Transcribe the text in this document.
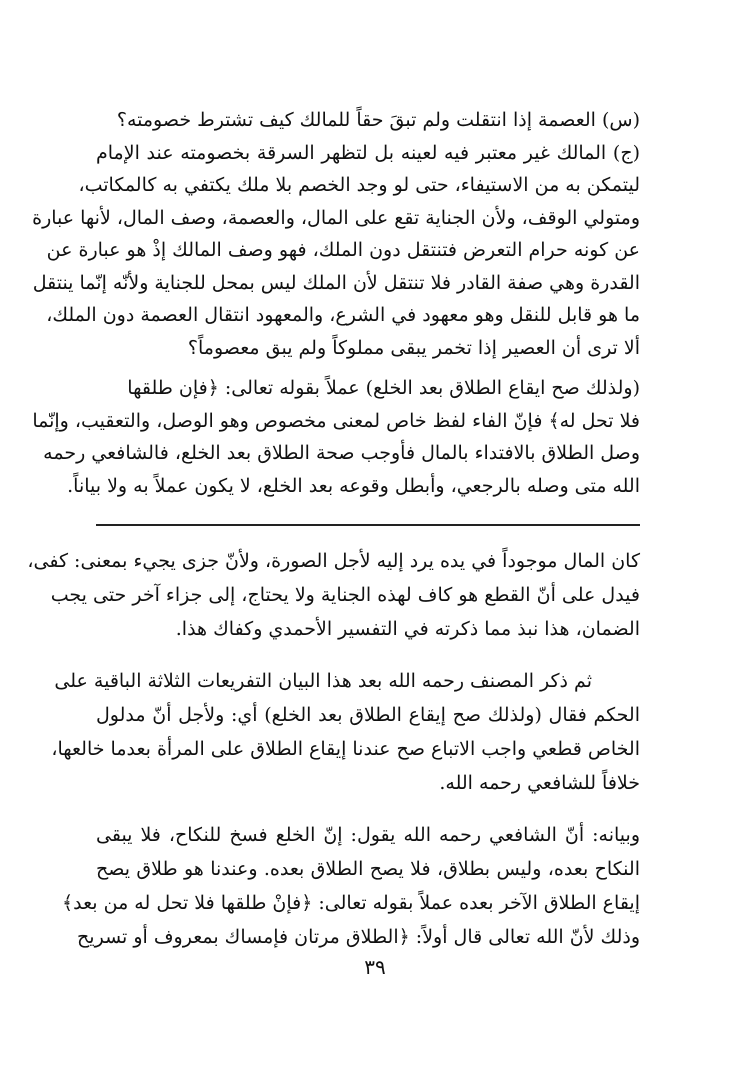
(س) العصمة إذا انتقلت ولم تبقَ حقاً للمالك كيف تشترط خصومته؟
(ج) المالك غير معتبر فيه لعينه بل لتظهر السرقة بخصومته عند الإمام
ليتمكن به من الاستيفاء، حتى لو وجد الخصم بلا ملك يكتفي به كالمكاتب،
ومتولي الوقف، ولأن الجناية تقع على المال، والعصمة، وصف المال، لأنها عبارة
عن كونه حرام التعرض فتنتقل دون الملك، فهو وصف المالك إذْ هو عبارة عن
القدرة وهي صفة القادر فلا تنتقل لأن الملك ليس بمحل للجناية ولأنّه إنّما ينتقل
ما هو قابل للنقل وهو معهود في الشرع، والمعهود انتقال العصمة دون الملك،
ألا ترى أن العصير إذا تخمر يبقى مملوكاً ولم يبق معصوماً؟

(ولذلك صح ايقاع الطلاق بعد الخلع) عملاً بقوله تعالى: ﴿فإن طلقها
فلا تحل له﴾ فإنّ الفاء لفظ خاص لمعنى مخصوص وهو الوصل، والتعقيب، وإنّما
وصل الطلاق بالافتداء بالمال فأوجب صحة الطلاق بعد الخلع، فالشافعي رحمه
الله متى وصله بالرجعي، وأبطل وقوعه بعد الخلع، لا يكون عملاً به ولا بياناً.

كان المال موجوداً في يده يرد إليه لأجل الصورة، ولأنّ جزى يجيء بمعنى: كفى،
فيدل على أنّ القطع هو كاف لهذه الجناية ولا يحتاج، إلى جزاء آخر حتى يجب
الضمان، هذا نبذ مما ذكرته في التفسير الأحمدي وكفاك هذا.

ثم ذكر المصنف رحمه الله بعد هذا البيان التفريعات الثلاثة الباقية على
الحكم فقال (ولذلك صح إيقاع الطلاق بعد الخلع) أي: ولأجل أنّ مدلول
الخاص قطعي واجب الاتباع صح عندنا إيقاع الطلاق على المرأة بعدما خالعها،
خلافاً للشافعي رحمه الله.

وبيانه: أنّ الشافعي رحمه الله يقول: إنّ الخلع فسخ للنكاح، فلا يبقى
النكاح بعده، وليس بطلاق، فلا يصح الطلاق بعده. وعندنا هو طلاق يصح
إيقاع الطلاق الآخر بعده عملاً بقوله تعالى: ﴿فإنْ طلقها فلا تحل له من بعد﴾
وذلك لأنّ الله تعالى قال أولاً: ﴿الطلاق مرتان فإمساك بمعروف أو تسريح

٣٩
